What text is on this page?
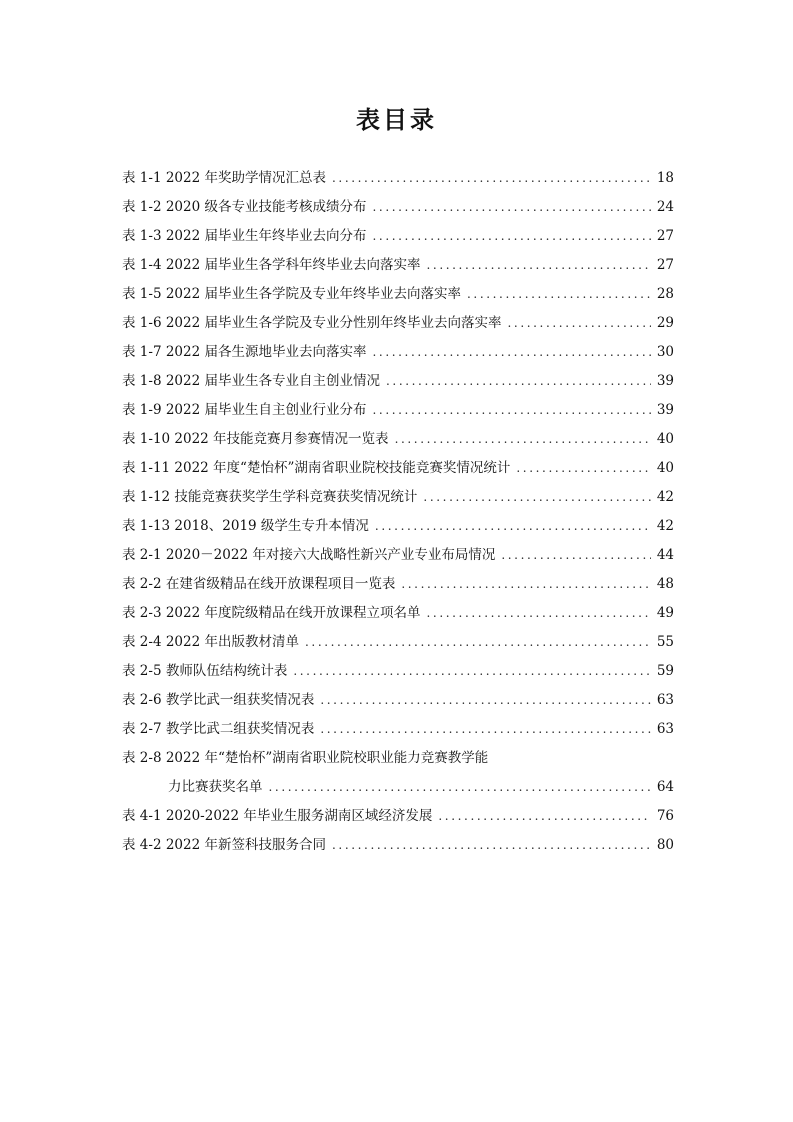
表目录
表 1-1 2022 年奖助学情况汇总表 .....	18
表 1-2 2020 级各专业技能考核成绩分布 .....	24
表 1-3 2022 届毕业生年终毕业去向分布 .....	27
表 1-4 2022 届毕业生各学科年终毕业去向落实率 .....	27
表 1-5 2022 届毕业生各学院及专业年终毕业去向落实率 .....	28
表 1-6 2022 届毕业生各学院及专业分性别年终毕业去向落实率 .....	29
表 1-7 2022 届各生源地毕业去向落实率 .....	30
表 1-8 2022 届毕业生各专业自主创业情况 .....	39
表 1-9 2022 届毕业生自主创业行业分布 .....	39
表 1-10 2022 年技能竞赛月参赛情况一览表 .....	40
表 1-11 2022 年度“楚怡杯”湖南省职业院校技能竞赛奖情况统计 .....	40
表 1-12 技能竞赛获奖学生学科竞赛获奖情况统计 .....	42
表 1-13 2018、2019 级学生专升本情况 .....	42
表 2-1 2020－2022 年对接六大战略性新兴产业专业布局情况 .....	44
表 2-2 在建省级精品在线开放课程项目一览表 .....	48
表 2-3 2022 年度院级精品在线开放课程立项名单 .....	49
表 2-4 2022 年出版教材清单 .....	55
表 2-5 教师队伍结构统计表 .....	59
表 2-6 教学比武一组获奖情况表 .....	63
表 2-7 教学比武二组获奖情况表 .....	63
表 2-8 2022 年“楚怡杯”湖南省职业院校职业能力竞赛教学能
力比赛获奖名单 .....	64
表 4-1 2020-2022 年毕业生服务湖南区域经济发展 .....	76
表 4-2 2022 年新签科技服务合同 .....	80
